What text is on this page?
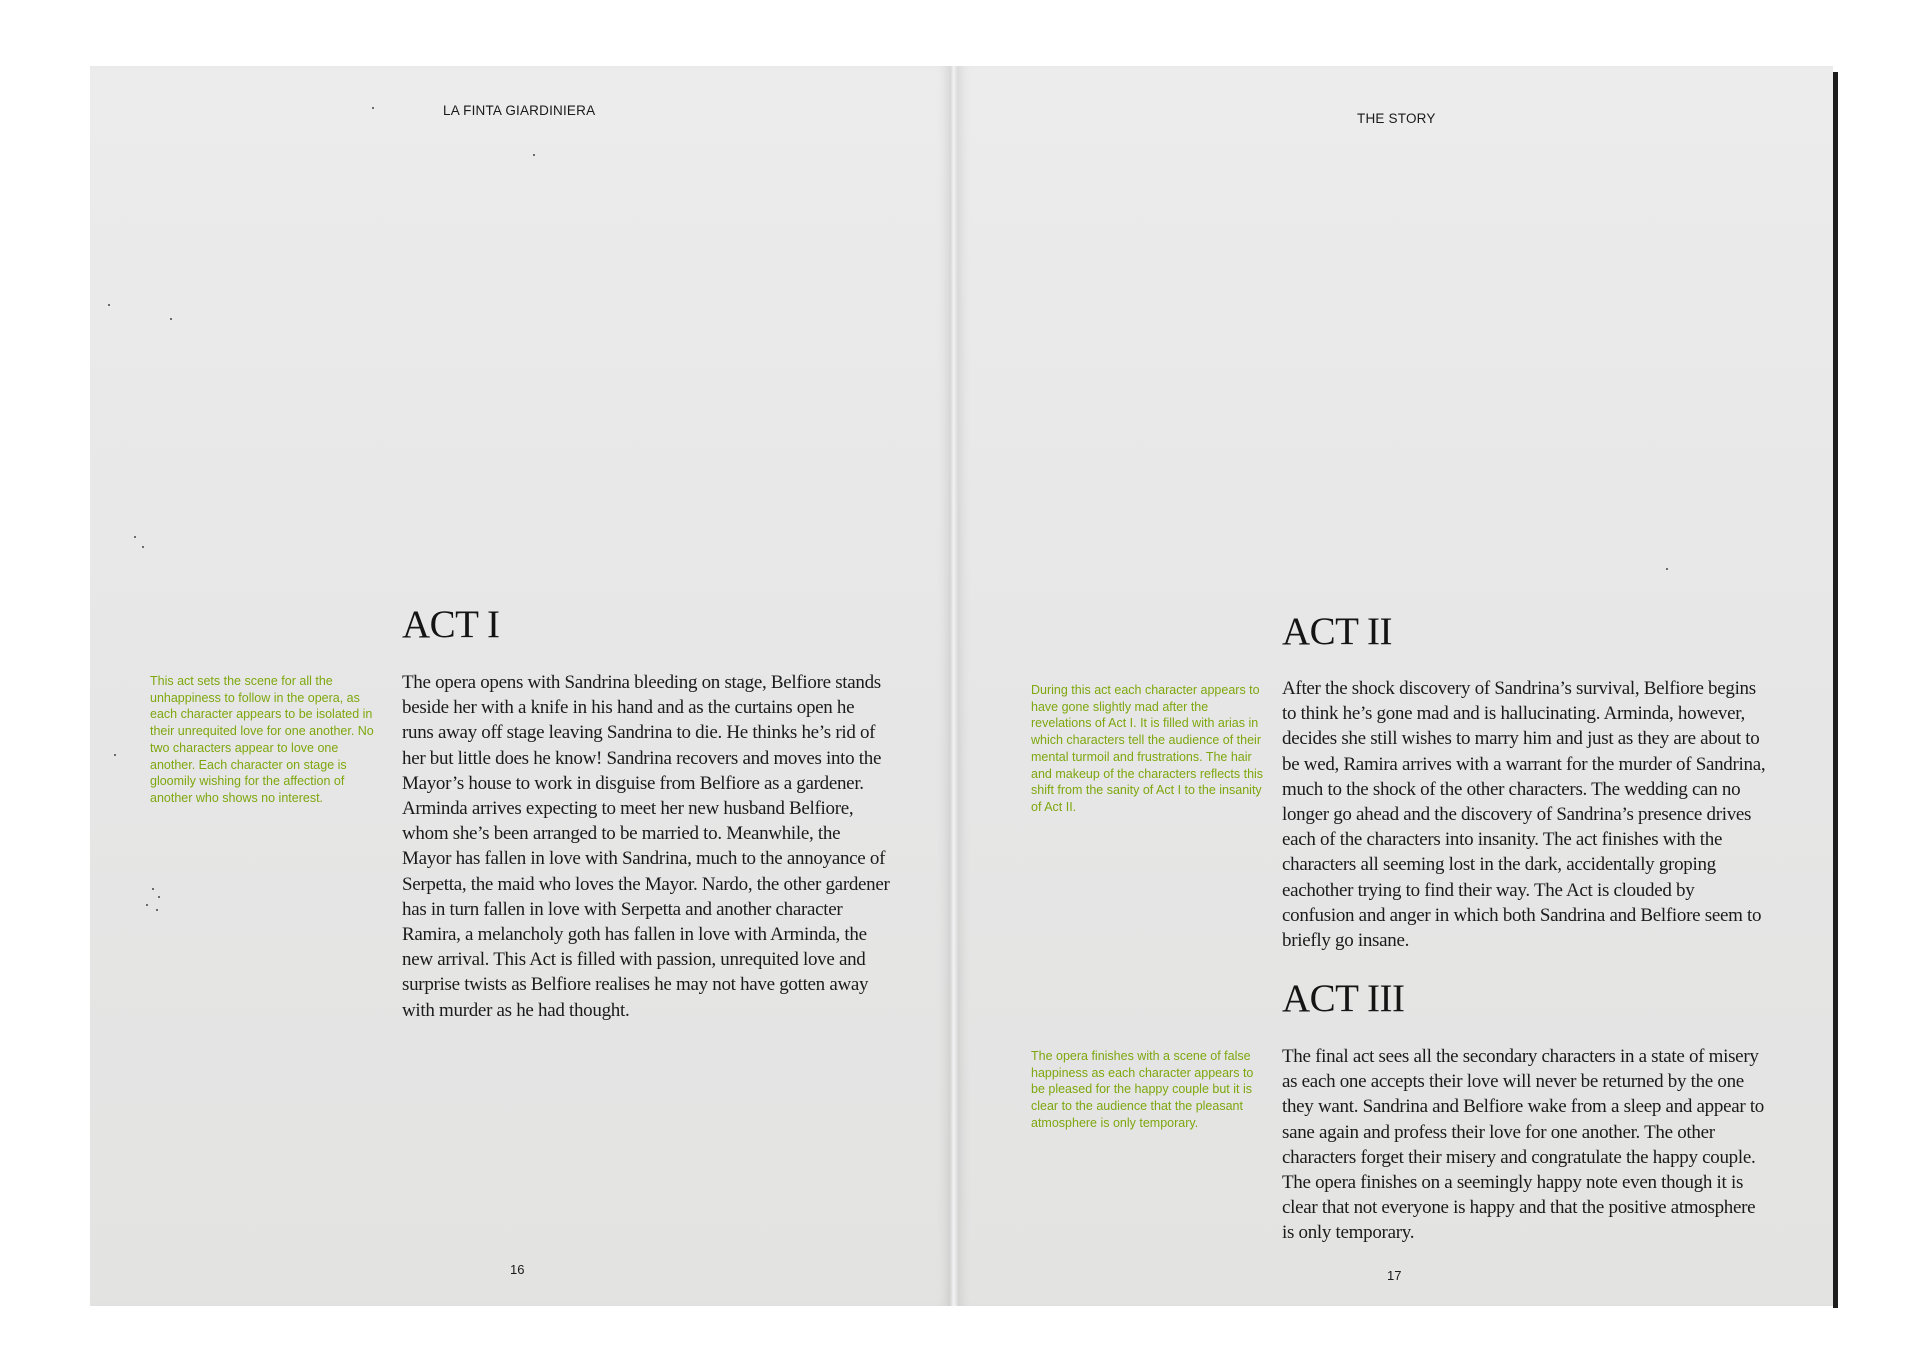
LA FINTA GIARDINIERA
ACT I
This act sets the scene for all the unhappiness to follow in the opera, as each character appears to be isolated in their unrequited love for one another. No two characters appear to love one another. Each character on stage is gloomily wishing for the affection of another who shows no interest.
The opera opens with Sandrina bleeding on stage, Belfiore stands beside her with a knife in his hand and as the curtains open he runs away off stage leaving Sandrina to die. He thinks he’s rid of her but little does he know! Sandrina recovers and moves into the Mayor’s house to work in disguise from Belfiore as a gardener. Arminda arrives expecting to meet her new husband Belfiore, whom she’s been arranged to be married to. Meanwhile, the Mayor has fallen in love with Sandrina, much to the annoyance of Serpetta, the maid who loves the Mayor. Nardo, the other gardener has in turn fallen in love with Serpetta and another character Ramira, a melancholy goth has fallen in love with Arminda, the new arrival. This Act is filled with passion, unrequited love and surprise twists as Belfiore realises he may not have gotten away with murder as he had thought.
16
THE STORY
ACT II
During this act each character appears to have gone slightly mad after the revelations of Act I. It is filled with arias in which characters tell the audience of their mental turmoil and frustrations. The hair and makeup of the characters reflects this shift from the sanity of Act I to the insanity of Act II.
After the shock discovery of Sandrina’s survival, Belfiore begins to think he’s gone mad and is hallucinating. Arminda, however, decides she still wishes to marry him and just as they are about to be wed, Ramira arrives with a warrant for the murder of Sandrina, much to the shock of the other characters. The wedding can no longer go ahead and the discovery of Sandrina’s presence drives each of the characters into insanity. The act finishes with the characters all seeming lost in the dark, accidentally groping eachother trying to find their way. The Act is clouded by confusion and anger in which both Sandrina and Belfiore seem to briefly go insane.
ACT III
The opera finishes with a scene of false happiness as each character appears to be pleased for the happy couple but it is clear to the audience that the pleasant atmosphere is only temporary.
The final act sees all the secondary characters in a state of misery as each one accepts their love will never be returned by the one they want. Sandrina and Belfiore wake from a sleep and appear to sane again and profess their love for one another. The other characters forget their misery and congratulate the happy couple. The opera finishes on a seemingly happy note even though it is clear that not everyone is happy and that the positive atmosphere is only temporary.
17
